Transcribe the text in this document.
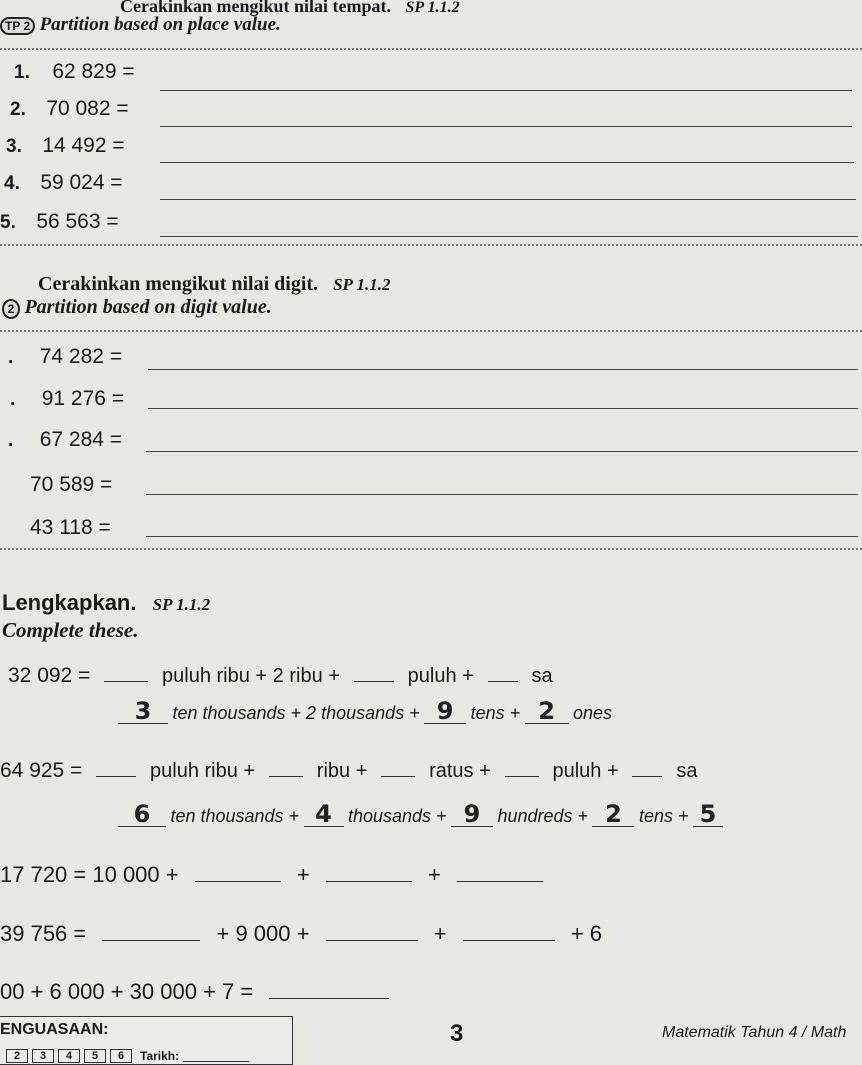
Cerakinkan mengikut nilai tempat. SP 1.1.2
TP 2 Partition based on place value.
1. 62 829 =
2. 70 082 =
3. 14 492 =
4. 59 024 =
5. 56 563 =
Cerakinkan mengikut nilai digit. SP 1.1.2
2 Partition based on digit value.
. 74 282 =
. 91 276 =
. 67 284 =
70 589 =
43 118 =
Lengkapkan. SP 1.1.2
Complete these.
32 092 =	puluh ribu + 2 ribu +	puluh +	sa
3 ten thousands + 2 thousands + 9 tens + 2 ones
64 925 =	puluh ribu +	ribu +	ratus +	puluh +	sa
6 ten thousands + 4 thousands + 9 hundreds + 2 tens + 5
17 720 = 10 000 +	+	+
39 756 =	+ 9 000 +	+	+ 6
00 + 6 000 + 30 000 + 7 =
ENGUASAAN:
2	3	4	5	6	Tarikh:
3	Matematik Tahun 4 / Math
